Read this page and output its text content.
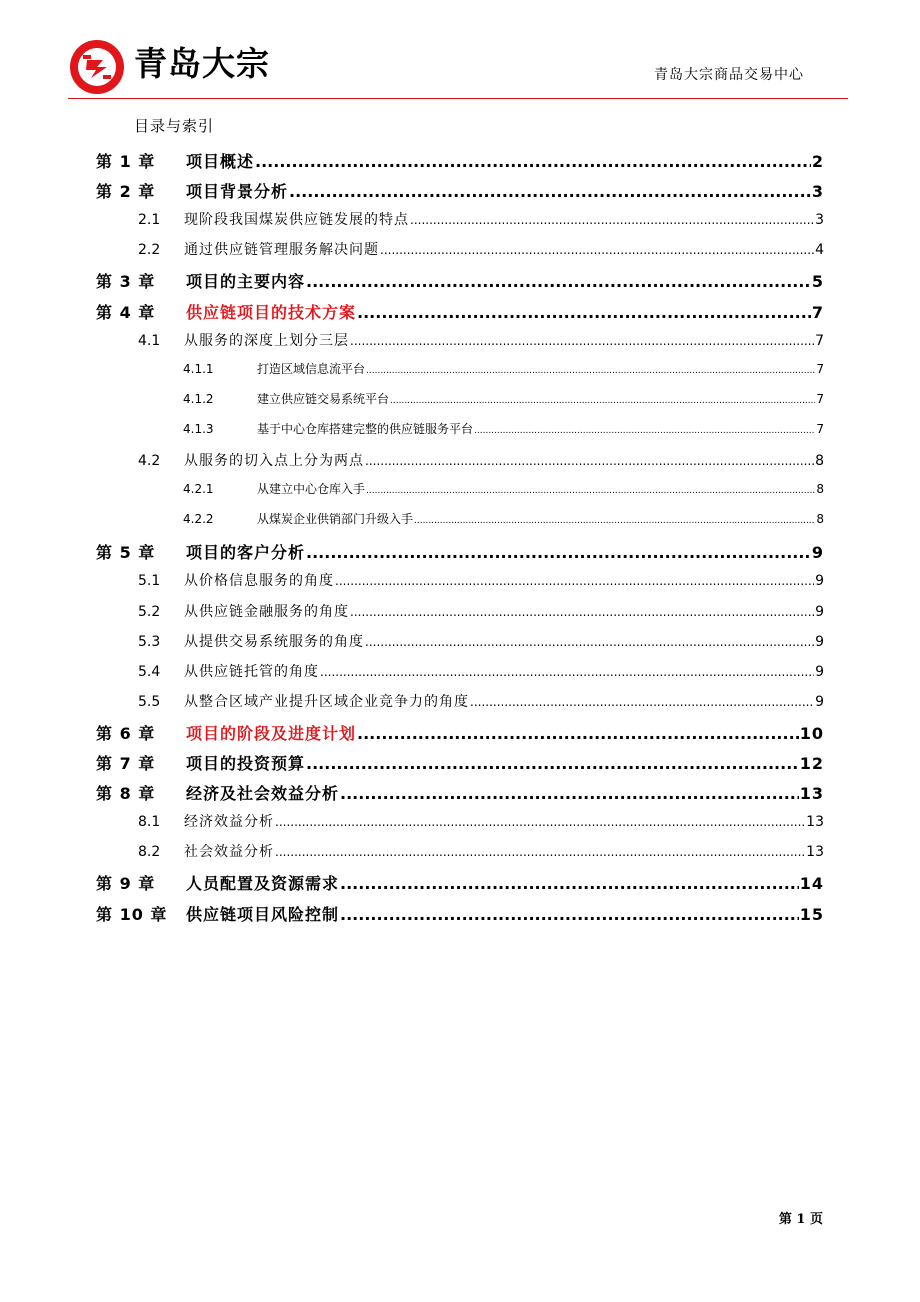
青岛大宗	青岛大宗商品交易中心
目录与索引
第 1 章	项目概述 .....	2
第 2 章	项目背景分析 .....	3
2.1	现阶段我国煤炭供应链发展的特点 .....	3
2.2	通过供应链管理服务解决问题 .....	4
第 3 章	项目的主要内容 .....	5
第 4 章	供应链项目的技术方案 .....	7
4.1	从服务的深度上划分三层 .....	7
4.1.1	打造区域信息流平台 .....	7
4.1.2	建立供应链交易系统平台 .....	7
4.1.3	基于中心仓库搭建完整的供应链服务平台 .....	7
4.2	从服务的切入点上分为两点 .....	8
4.2.1	从建立中心仓库入手 .....	8
4.2.2	从煤炭企业供销部门升级入手 .....	8
第 5 章	项目的客户分析 .....	9
5.1	从价格信息服务的角度 .....	9
5.2	从供应链金融服务的角度 .....	9
5.3	从提供交易系统服务的角度 .....	9
5.4	从供应链托管的角度 .....	9
5.5	从整合区域产业提升区域企业竞争力的角度 .....	9
第 6 章	项目的阶段及进度计划 .....	10
第 7 章	项目的投资预算 .....	12
第 8 章	经济及社会效益分析 .....	13
8.1	经济效益分析 .....	13
8.2	社会效益分析 .....	13
第 9 章	人员配置及资源需求 .....	14
第 10 章	供应链项目风险控制 .....	15
第 1 页
